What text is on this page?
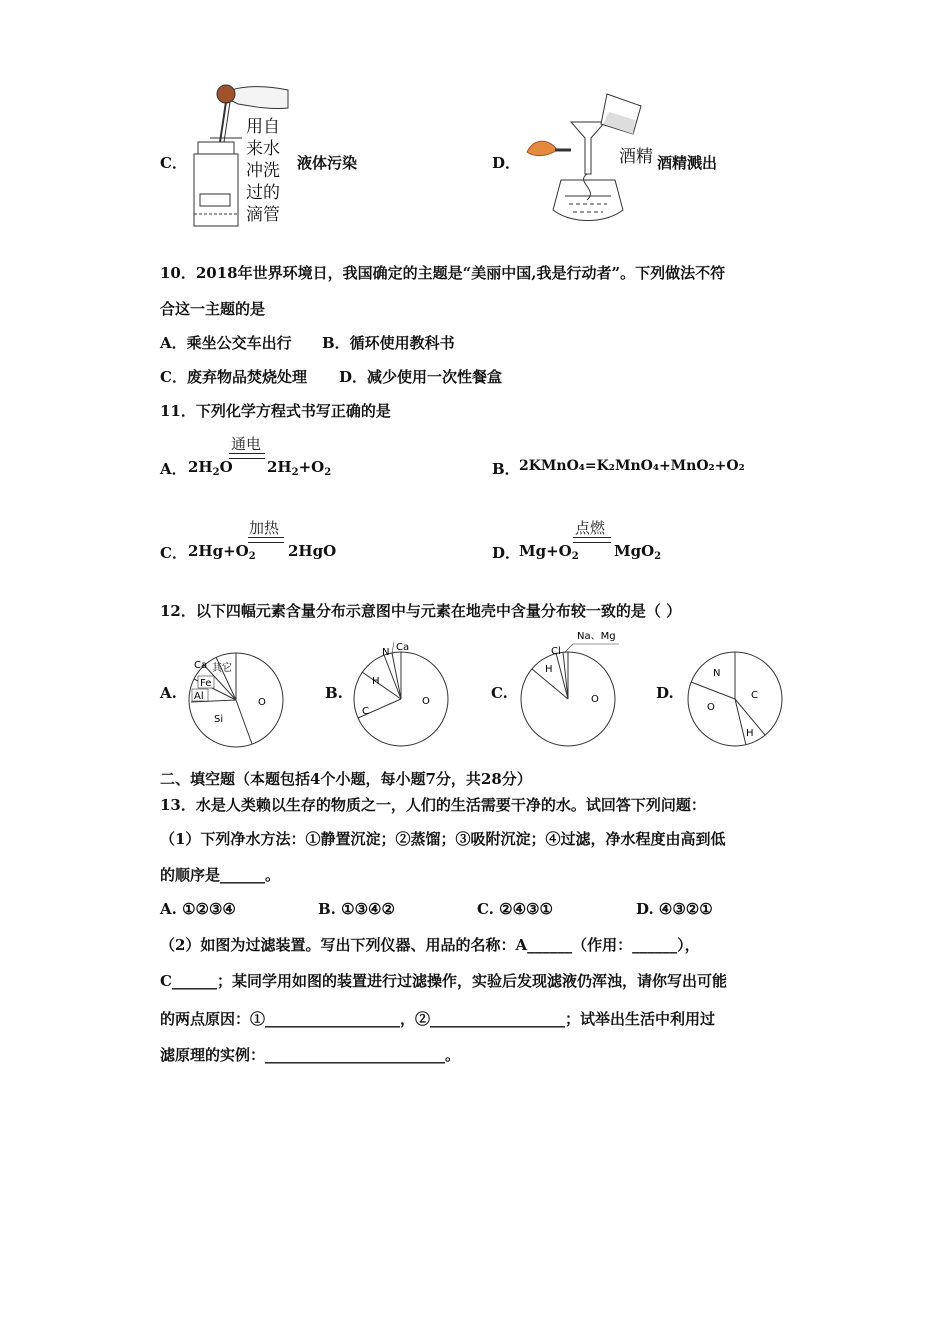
C．
用自
来水
冲洗
过的
滴管
液体污染	D．	酒精 酒精溅出
10．2018年世界环境日，我国确定的主题是“美丽中国,我是行动者”。下列做法不符
合这一主题的是
A．乘坐公交车出行 B．循环使用教科书
C．废弃物品焚烧处理 D．减少使用一次性餐盒
11．下列化学方程式书写正确的是
A． $2H_2O$
通电
$2H_2+O_2$	B． 2KMnO₄=K₂MnO₄+MnO₂+O₂
C． $2Hg+O_2$
加热
2HgO	D．
$Mg+O_2$
点燃
MgO$_2$
12．以下四幅元素含量分布示意图中与元素在地壳中含量分布较一致的是（ ）
A.
O
Si
Al
Fe
Ca 其它
B.	O
C
H
N Ca
C.	O
H
Cl
Na、Mg
D.
N
O
C
H
二、填空题（本题包括4个小题，每小题7分，共28分）
13．水是人类赖以生存的物质之一，人们的生活需要干净的水。试回答下列问题：
（1）下列净水方法：①静置沉淀；②蒸馏；③吸附沉淀；④过滤，净水程度由高到低
的顺序是______。
A. ①②③④	B. ①③④②	C. ②④③①	D. ④③②①
（2）如图为过滤装置。写出下列仪器、用品的名称：A______（作用：______），
C______；某同学用如图的装置进行过滤操作，实验后发现滤液仍浑浊，请你写出可能
的两点原因：①__________________，②__________________；试举出生活中利用过
滤原理的实例：________________________。
